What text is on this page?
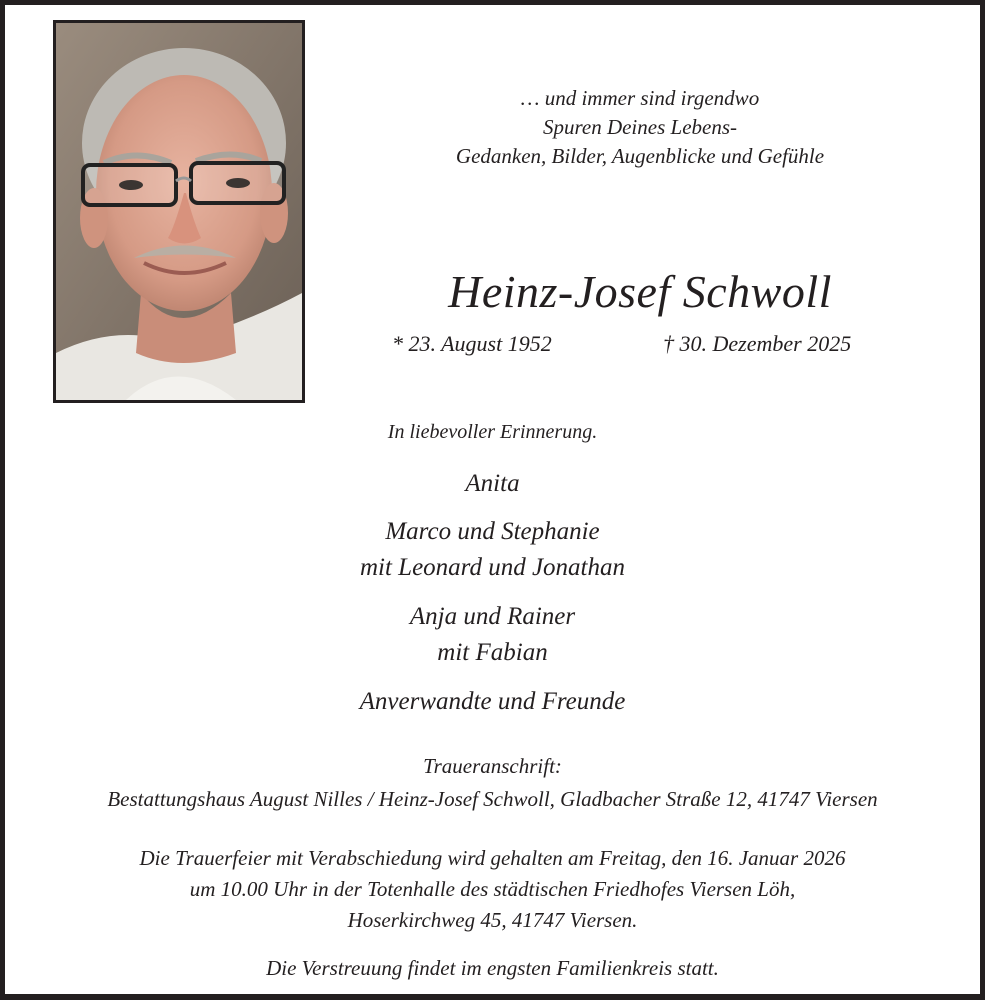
… und immer sind irgendwo
Spuren Deines Lebens-
Gedanken, Bilder, Augenblicke und Gefühle
Heinz-Josef Schwoll
* 23. August 1952	† 30. Dezember 2025
In liebevoller Erinnerung.
Anita
Marco und Stephanie
mit Leonard und Jonathan
Anja und Rainer
mit Fabian
Anverwandte und Freunde
Traueranschrift:
Bestattungshaus August Nilles / Heinz-Josef Schwoll, Gladbacher Straße 12, 41747 Viersen
Die Trauerfeier mit Verabschiedung wird gehalten am Freitag, den 16. Januar 2026
um 10.00 Uhr in der Totenhalle des städtischen Friedhofes Viersen Löh,
Hoserkirchweg 45, 41747 Viersen.
Die Verstreuung findet im engsten Familienkreis statt.
